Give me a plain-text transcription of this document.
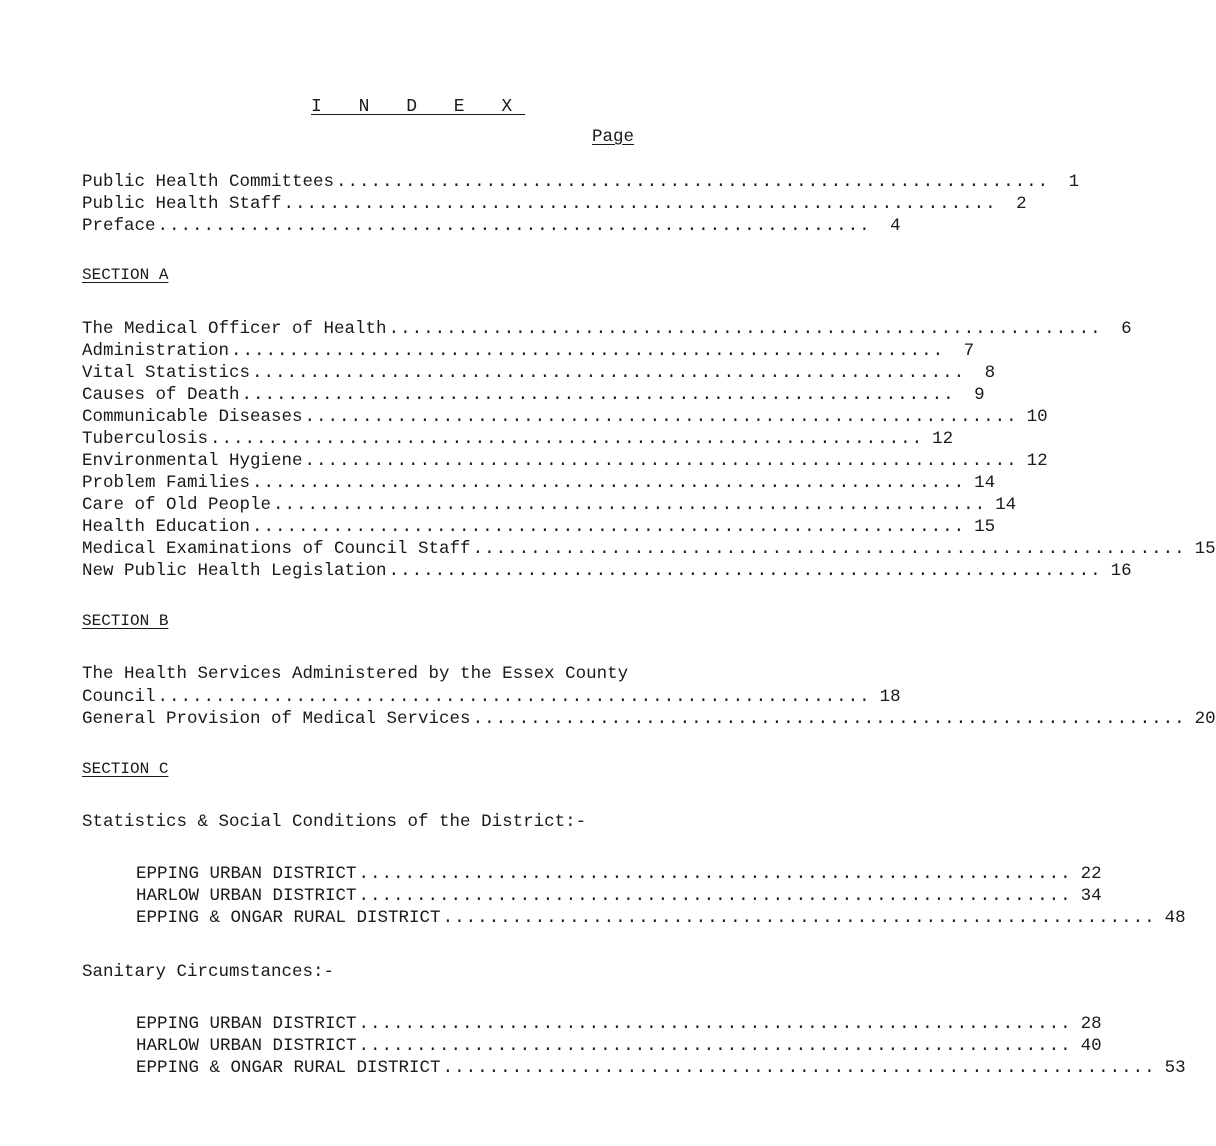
I N D E X
Page
Public Health Committees ..............................................................	1
Public Health Staff ..............................................................	2
Preface ..............................................................	4
SECTION A
The Medical Officer of Health ..............................................................	6
Administration ..............................................................	7
Vital Statistics ..............................................................	8
Causes of Death ..............................................................	9
Communicable Diseases .............................................................. 10
Tuberculosis .............................................................. 12
Environmental Hygiene .............................................................. 12
Problem Families .............................................................. 14
Care of Old People .............................................................. 14
Health Education .............................................................. 15
Medical Examinations of Council Staff .............................................................. 15
New Public Health Legislation .............................................................. 16
SECTION B
The Health Services Administered by the Essex County
Council .............................................................. 18
General Provision of Medical Services .............................................................. 20
SECTION C
Statistics & Social Conditions of the District:-
EPPING URBAN DISTRICT .............................................................. 22
HARLOW URBAN DISTRICT .............................................................. 34
EPPING & ONGAR RURAL DISTRICT .............................................................. 48
Sanitary Circumstances:-
EPPING URBAN DISTRICT .............................................................. 28
HARLOW URBAN DISTRICT .............................................................. 40
EPPING & ONGAR RURAL DISTRICT .............................................................. 53
